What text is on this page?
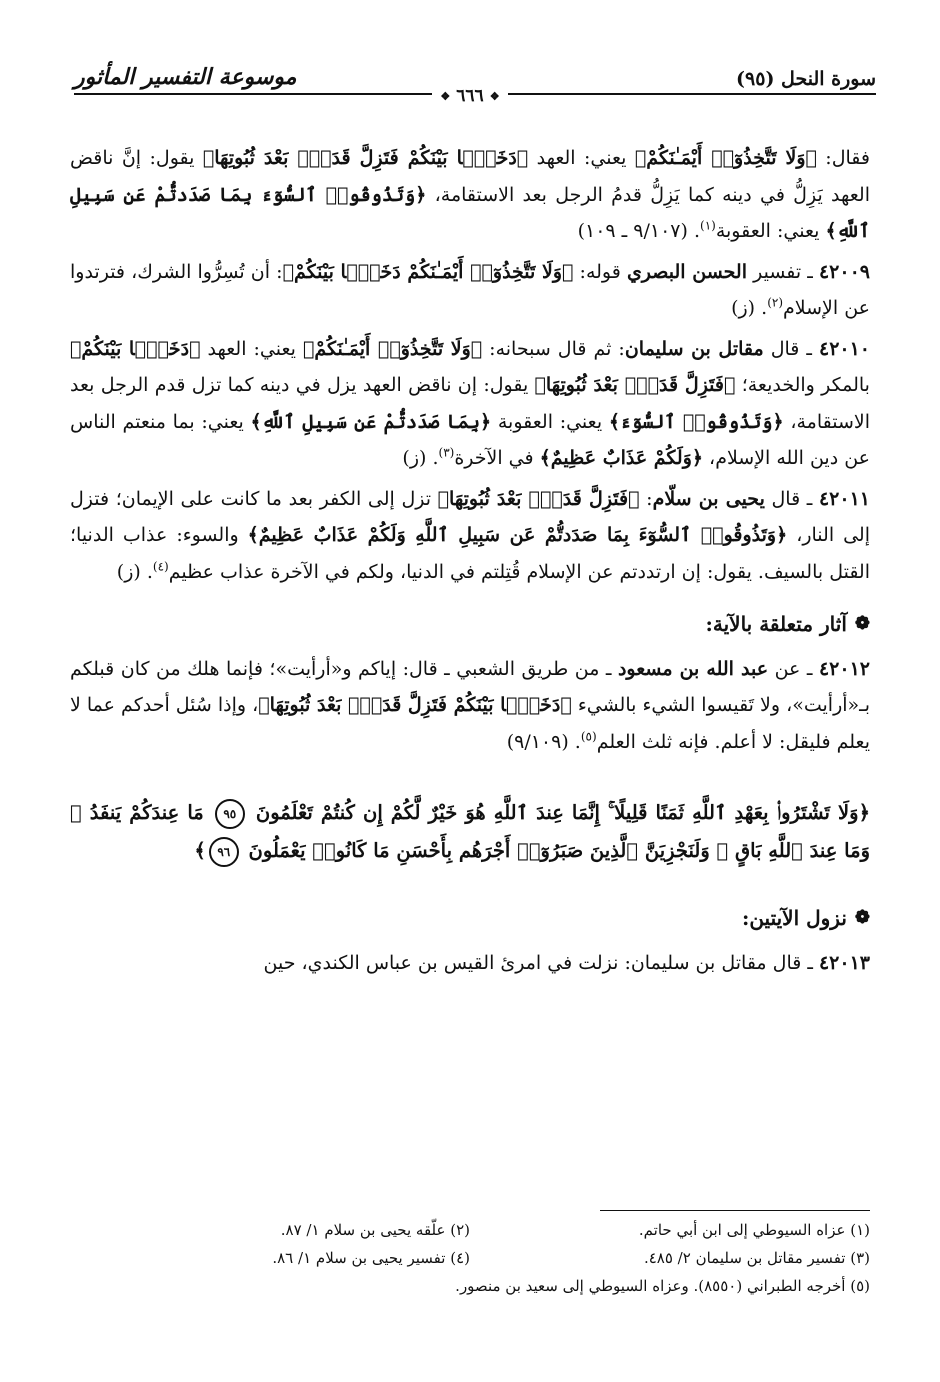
سورة النحل (٩٥)
موسوعة التفسير المأثور
❖
٦٦٦
❖

فقال: ﴿وَلَا تَتَّخِذُوٓا۟ أَيْمَـٰنَكُمْ﴾ يعني: العهد ﴿دَخَلًۢا بَيْنَكُمْ فَتَزِلَّ قَدَمٌۢ بَعْدَ ثُبُوتِهَا﴾ يقول: إنَّ ناقض العهد يَزِلُّ في دينه كما يَزِلُّ قدمُ الرجل بعد الاستقامة، ﴿وَتَذُوقُوا۟ ٱلسُّوٓءَ بِمَا صَدَدتُّمْ عَن سَبِيلِ ٱللَّهِ﴾ يعني: العقوبة$^{(١)}$. (٩/١٠٧ ـ ١٠٩)

٤٢٠٠٩ ـ تفسير الحسن البصري قوله: ﴿وَلَا تَتَّخِذُوٓا۟ أَيْمَـٰنَكُمْ دَخَلًۢا بَيْنَكُمْ﴾: أن تُسِرُّوا الشرك، فترتدوا عن الإسلام$^{(٢)}$. (ز)

٤٢٠١٠ ـ قال مقاتل بن سليمان: ثم قال سبحانه: ﴿وَلَا تَتَّخِذُوٓا۟ أَيْمَـٰنَكُمْ﴾ يعني: العهد ﴿دَخَلًۢا بَيْنَكُمْ﴾ بالمكر والخديعة؛ ﴿فَتَزِلَّ قَدَمٌۢ بَعْدَ ثُبُوتِهَا﴾ يقول: إن ناقض العهد يزل في دينه كما تزل قدم الرجل بعد الاستقامة، ﴿وَتَذُوقُوا۟ ٱلسُّوٓءَ﴾ يعني: العقوبة ﴿بِمَا صَدَدتُّمْ عَن سَبِيلِ ٱللَّهِ﴾ يعني: بما منعتم الناس عن دين الله الإسلام، ﴿وَلَكُمْ عَذَابٌ عَظِيمٌ﴾ في الآخرة$^{(٣)}$. (ز)

٤٢٠١١ ـ قال يحيى بن سلّام: ﴿فَتَزِلَّ قَدَمٌۢ بَعْدَ ثُبُوتِهَا﴾ تزل إلى الكفر بعد ما كانت على الإيمان؛ فتزل إلى النار، ﴿وَتَذُوقُوا۟ ٱلسُّوٓءَ بِمَا صَدَدتُّمْ عَن سَبِيلِ ٱللَّهِ وَلَكُمْ عَذَابٌ عَظِيمٌ﴾ والسوء: عذاب الدنيا؛ القتل بالسيف. يقول: إن ارتددتم عن الإسلام قُتِلتم في الدنيا، ولكم في الآخرة عذاب عظيم$^{(٤)}$. (ز)

❁
آثار متعلقة بالآية:

٤٢٠١٢ ـ عن عبد الله بن مسعود ـ من طريق الشعبي ـ قال: إياكم و«أرأيت»؛ فإنما هلك من كان قبلكم بـ«أرأيت»، ولا تَقيسوا الشيء بالشيء ﴿دَخَلًۢا بَيْنَكُمْ فَتَزِلَّ قَدَمٌۢ بَعْدَ ثُبُوتِهَا﴾، وإذا سُئل أحدكم عما لا يعلم فليقل: لا أعلم. فإنه ثلث العلم$^{(٥)}$. (٩/١٠٩)

﴿وَلَا تَشْتَرُوا۟ بِعَهْدِ ٱللَّهِ ثَمَنًا قَلِيلًا ۚ إِنَّمَا عِندَ ٱللَّهِ هُوَ خَيْرٌ لَّكُمْ إِن كُنتُمْ تَعْلَمُونَ ٩٥ مَا عِندَكُمْ يَنفَدُ ۖ وَمَا عِندَ ٱللَّهِ بَاقٍ ۗ وَلَنَجْزِيَنَّ ٱلَّذِينَ صَبَرُوٓا۟ أَجْرَهُم بِأَحْسَنِ مَا كَانُوا۟ يَعْمَلُونَ ٩٦﴾
❁
نزول الآيتين:

٤٢٠١٣ ـ قال مقاتل بن سليمان: نزلت في امرئ القيس بن عباس الكندي، حين

(١) عزاه السيوطي إلى ابن أبي حاتم.
(٢) علّقه يحيى بن سلام ١/ ٨٧.
(٣) تفسير مقاتل بن سليمان ٢/ ٤٨٥.
(٤) تفسير يحيى بن سلام ١/ ٨٦.
(٥) أخرجه الطبراني (٨٥٥٠). وعزاه السيوطي إلى سعيد بن منصور.
